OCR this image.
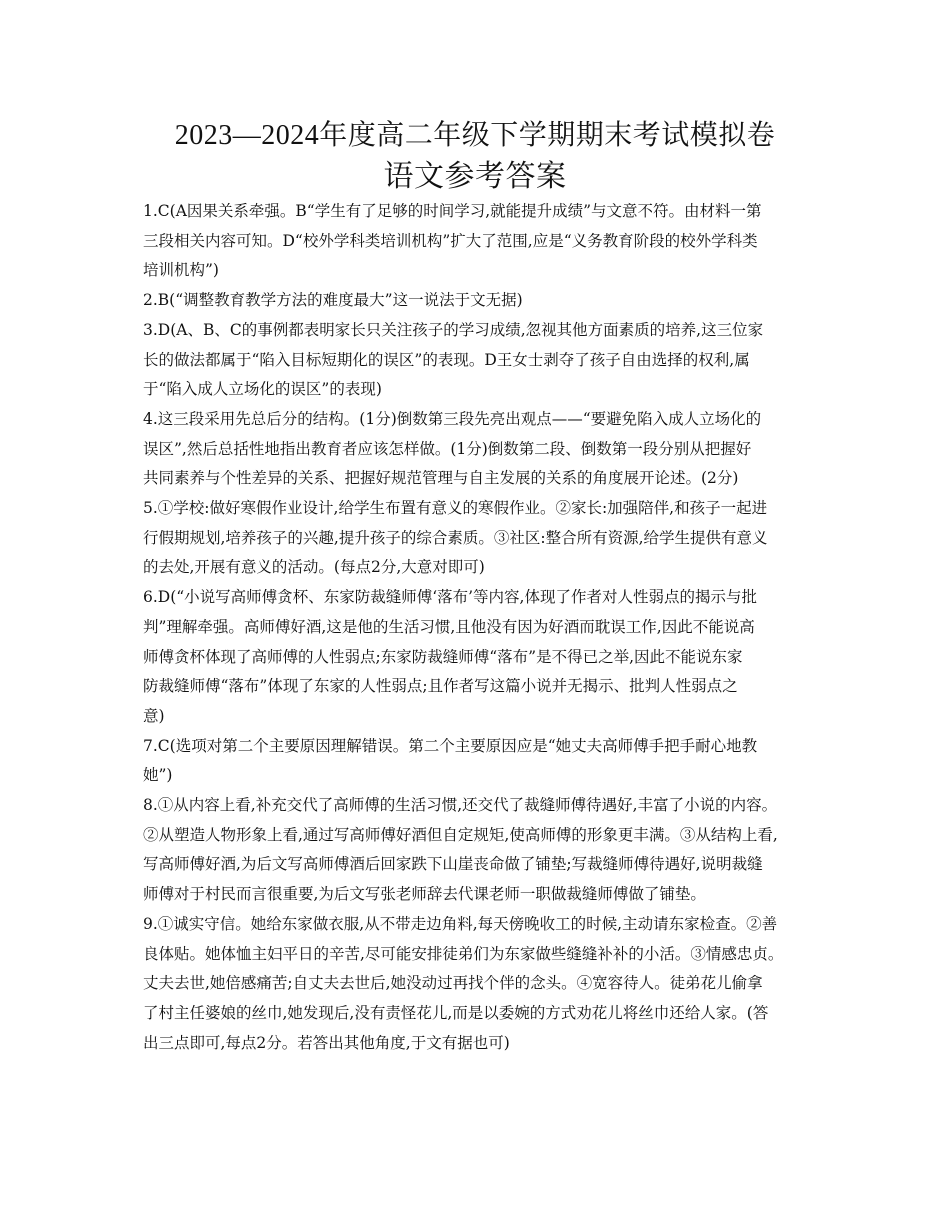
2023—2024年度高二年级下学期期末考试模拟卷
语文参考答案
1.C(A因果关系牵强。B“学生有了足够的时间学习,就能提升成绩”与文意不符。由材料一第
三段相关内容可知。D“校外学科类培训机构”扩大了范围,应是“义务教育阶段的校外学科类
培训机构”)
2.B(“调整教育教学方法的难度最大”这一说法于文无据)
3.D(A、B、C的事例都表明家长只关注孩子的学习成绩,忽视其他方面素质的培养,这三位家
长的做法都属于“陷入目标短期化的误区”的表现。D王女士剥夺了孩子自由选择的权利,属
于“陷入成人立场化的误区”的表现)
4.这三段采用先总后分的结构。(1分)倒数第三段先亮出观点——“要避免陷入成人立场化的
误区”,然后总括性地指出教育者应该怎样做。(1分)倒数第二段、倒数第一段分别从把握好
共同素养与个性差异的关系、把握好规范管理与自主发展的关系的角度展开论述。(2分)
5.①学校:做好寒假作业设计,给学生布置有意义的寒假作业。②家长:加强陪伴,和孩子一起进
行假期规划,培养孩子的兴趣,提升孩子的综合素质。③社区:整合所有资源,给学生提供有意义
的去处,开展有意义的活动。(每点2分,大意对即可)
6.D(“小说写高师傅贪杯、东家防裁缝师傅‘落布’等内容,体现了作者对人性弱点的揭示与批
判”理解牵强。高师傅好酒,这是他的生活习惯,且他没有因为好酒而耽误工作,因此不能说高
师傅贪杯体现了高师傅的人性弱点;东家防裁缝师傅“落布”是不得已之举,因此不能说东家
防裁缝师傅“落布”体现了东家的人性弱点;且作者写这篇小说并无揭示、批判人性弱点之
意)
7.C(选项对第二个主要原因理解错误。第二个主要原因应是“她丈夫高师傅手把手耐心地教
她”)
8.①从内容上看,补充交代了高师傅的生活习惯,还交代了裁缝师傅待遇好,丰富了小说的内容。
②从塑造人物形象上看,通过写高师傅好酒但自定规矩,使高师傅的形象更丰满。③从结构上看,
写高师傅好酒,为后文写高师傅酒后回家跌下山崖丧命做了铺垫;写裁缝师傅待遇好,说明裁缝
师傅对于村民而言很重要,为后文写张老师辞去代课老师一职做裁缝师傅做了铺垫。
9.①诚实守信。她给东家做衣服,从不带走边角料,每天傍晚收工的时候,主动请东家检查。②善
良体贴。她体恤主妇平日的辛苦,尽可能安排徒弟们为东家做些缝缝补补的小活。③情感忠贞。
丈夫去世,她倍感痛苦;自丈夫去世后,她没动过再找个伴的念头。④宽容待人。徒弟花儿偷拿
了村主任婆娘的丝巾,她发现后,没有责怪花儿,而是以委婉的方式劝花儿将丝巾还给人家。(答
出三点即可,每点2分。若答出其他角度,于文有据也可)
